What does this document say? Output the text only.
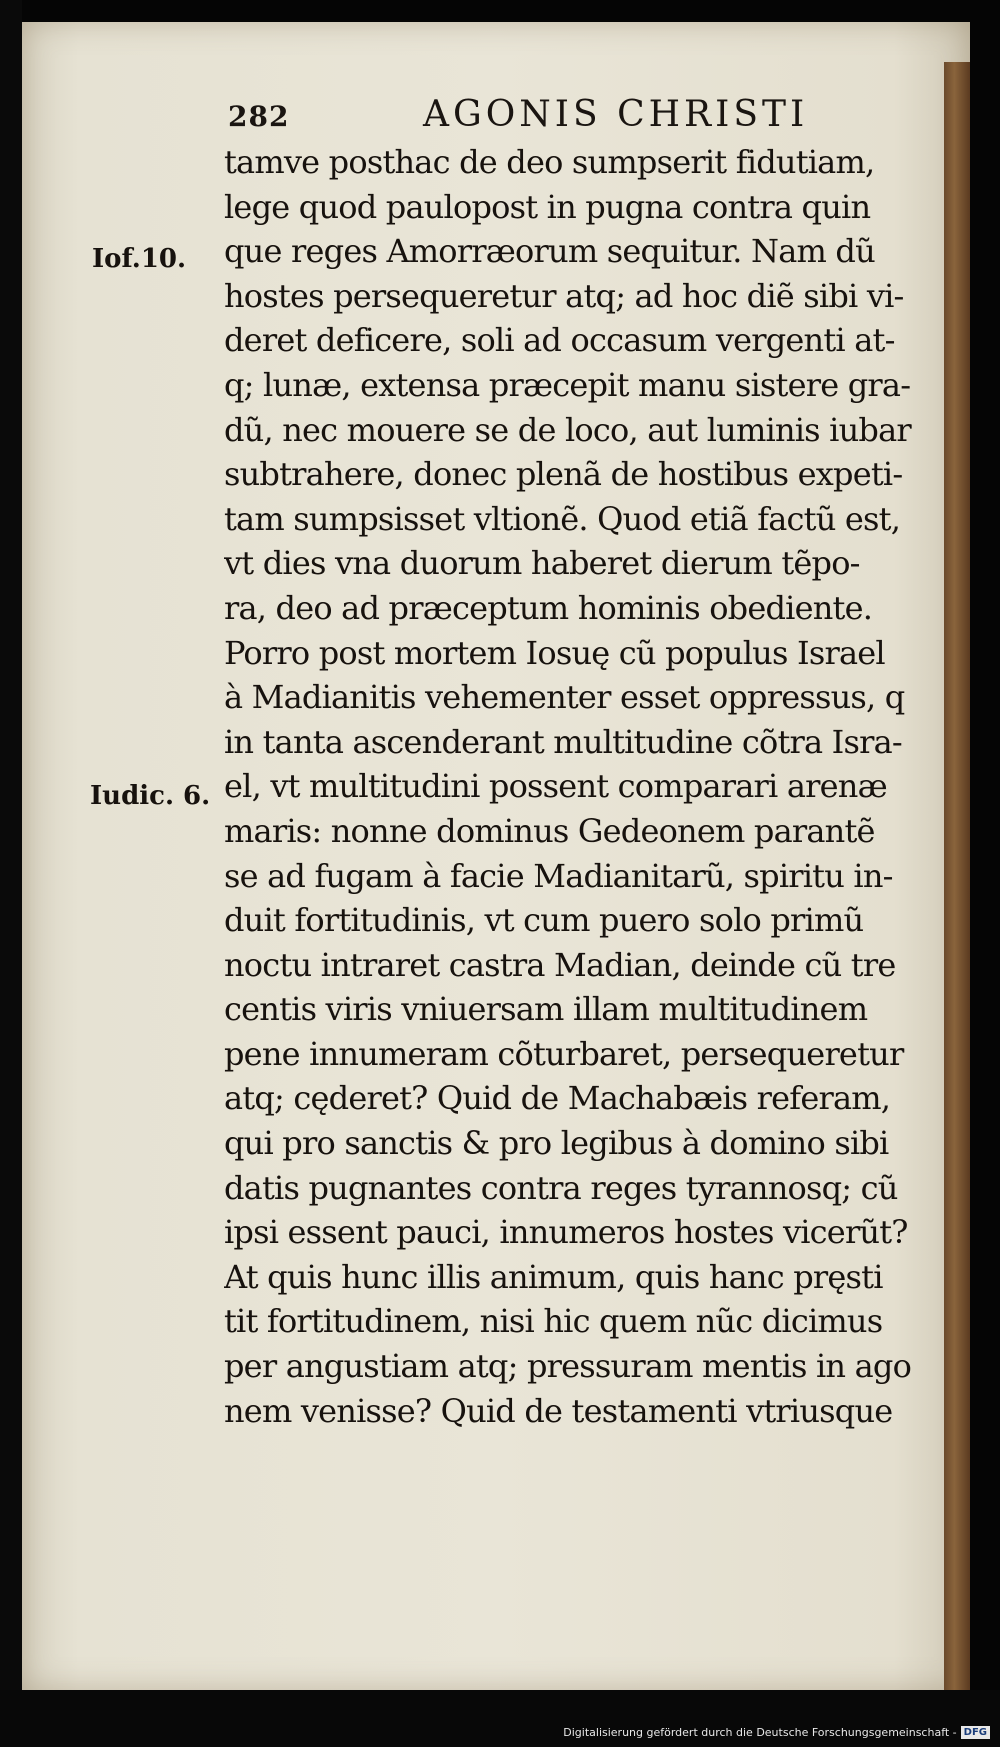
282	AGONIS CHRISTI
Iof.10.
Iudic. 6.
tamve posthac de deo sumpserit fidutiam,
lege quod paulopost in pugna contra quin
que reges Amorræorum sequitur. Nam dũ
hostes persequeretur atq; ad hoc diẽ sibi vi-
deret deficere, soli ad occasum vergenti at-
q; lunæ, extensa præcepit manu sistere gra-
dũ, nec mouere se de loco, aut luminis iubar
subtrahere, donec plenã de hostibus expeti-
tam sumpsisset vltionẽ. Quod etiã factũ est,
vt dies vna duorum haberet dierum tẽpo-
ra, deo ad præceptum hominis obediente.
Porro post mortem Iosuę cũ populus Israel
à Madianitis vehementer esset oppressus, q
in tanta ascenderant multitudine cõtra Isra-
el, vt multitudini possent comparari arenæ
maris: nonne dominus Gedeonem parantẽ
se ad fugam à facie Madianitarũ, spiritu in-
duit fortitudinis, vt cum puero solo primũ
noctu intraret castra Madian, deinde cũ tre
centis viris vniuersam illam multitudinem
pene innumeram cõturbaret, persequeretur
atq; cęderet? Quid de Machabæis referam,
qui pro sanctis & pro legibus à domino sibi
datis pugnantes contra reges tyrannosq; cũ
ipsi essent pauci, innumeros hostes vicerũt?
At quis hunc illis animum, quis hanc pręsti
tit fortitudinem, nisi hic quem nũc dicimus
per angustiam atq; pressuram mentis in ago
nem venisse? Quid de testamenti vtriusque
Digitalisierung gefördert durch die Deutsche Forschungsgemeinschaft - DFG
